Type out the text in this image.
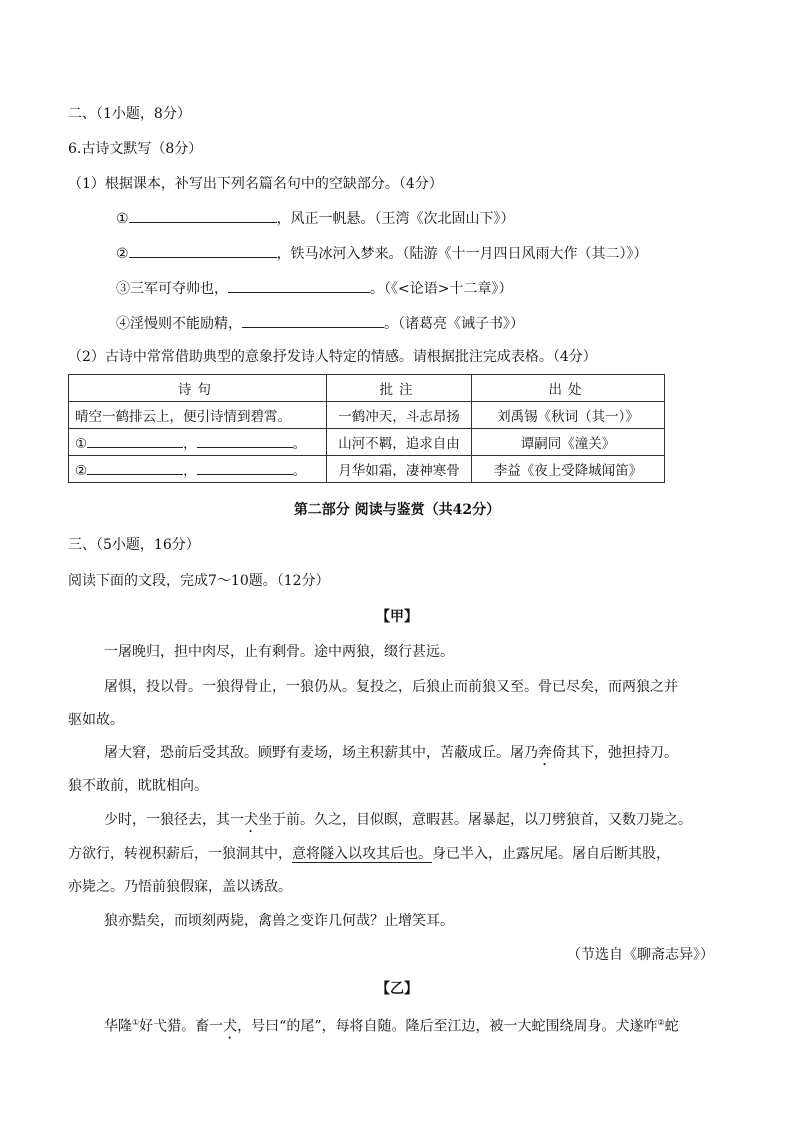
二、（1小题，8分）
6.古诗文默写（8分）
（1）根据课本，补写出下列名篇名句中的空缺部分。（4分）
①	，风正一帆悬。（王湾《次北固山下》）
②	，铁马冰河入梦来。（陆游《十一月四日风雨大作（其二）》）
③三军可夺帅也，	。（《<论语>十二章》）
④淫慢则不能励精，	。（诸葛亮《诫子书》）
（2）古诗中常常借助典型的意象抒发诗人特定的情感。请根据批注完成表格。（4分）
诗句	批注	出处
晴空一鹤排云上，便引诗情到碧霄。	一鹤冲天，斗志昂扬	刘禹锡《秋词（其一）》
① ， 。	山河不羁，追求自由	谭嗣同《潼关》
② ， 。	月华如霜，凄神寒骨	李益《夜上受降城闻笛》
第二部分 阅读与鉴赏（共42分）
三、（5小题，16分）
阅读下面的文段，完成7～10题。（12分）
【甲】
一屠晚归，担中肉尽，止有剩骨。途中两狼，缀行甚远。
屠惧，投以骨。一狼得骨止，一狼仍从。复投之，后狼止而前狼又至。骨已尽矣，而两狼之并
驱如故。
屠大窘，恐前后受其敌。顾野有麦场，场主积薪其中，苫蔽成丘。屠乃奔倚其下，弛担持刀。
狼不敢前，眈眈相向。
少时，一狼径去，其一犬坐于前。久之，目似瞑，意暇甚。屠暴起，以刀劈狼首，又数刀毙之。
方欲行，转视积薪后，一狼洞其中，意将隧入以攻其后也。身已半入，止露尻尾。屠自后断其股，
亦毙之。乃悟前狼假寐，盖以诱敌。
狼亦黠矣，而顷刻两毙，禽兽之变诈几何哉？止增笑耳。
（节选自《聊斋志异》）
【乙】
华隆①好弋猎。畜一犬，号曰“的尾”，每将自随。隆后至江边，被一大蛇围绕周身。犬遂咋②蛇
